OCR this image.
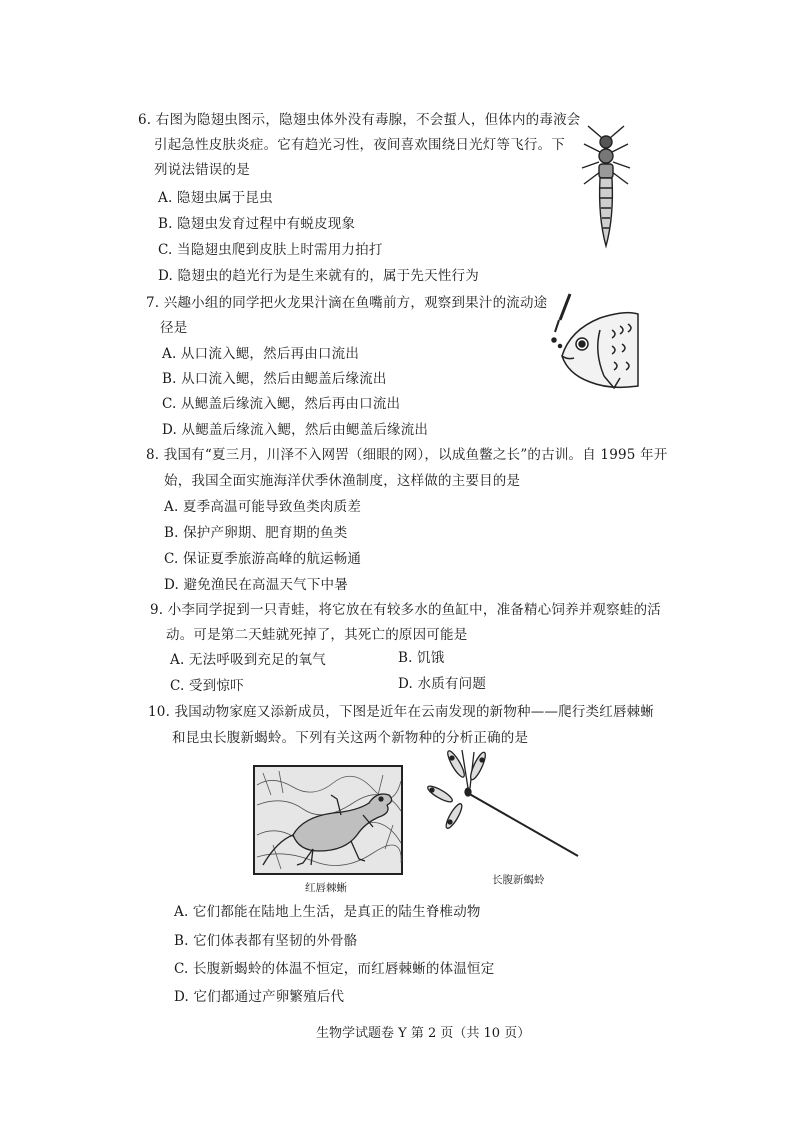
6. 右图为隐翅虫图示，隐翅虫体外没有毒腺，不会蜇人，但体内的毒液会
引起急性皮肤炎症。它有趋光习性，夜间喜欢围绕日光灯等飞行。下
列说法错误的是
A. 隐翅虫属于昆虫
B. 隐翅虫发育过程中有蜕皮现象
C. 当隐翅虫爬到皮肤上时需用力拍打
D. 隐翅虫的趋光行为是生来就有的，属于先天性行为
7. 兴趣小组的同学把火龙果汁滴在鱼嘴前方，观察到果汁的流动途
径是
A. 从口流入鳃，然后再由口流出
B. 从口流入鳃，然后由鳃盖后缘流出
C. 从鳃盖后缘流入鳃，然后再由口流出
D. 从鳃盖后缘流入鳃，然后由鳃盖后缘流出
8. 我国有“夏三月，川泽不入网罟（细眼的网），以成鱼鳖之长”的古训。自 1995 年开
始，我国全面实施海洋伏季休渔制度，这样做的主要目的是
A. 夏季高温可能导致鱼类肉质差
B. 保护产卵期、肥育期的鱼类
C. 保证夏季旅游高峰的航运畅通
D. 避免渔民在高温天气下中暑
9. 小李同学捉到一只青蛙，将它放在有较多水的鱼缸中，准备精心饲养并观察蛙的活
动。可是第二天蛙就死掉了，其死亡的原因可能是
A. 无法呼吸到充足的氧气	B. 饥饿
C. 受到惊吓	D. 水质有问题
10. 我国动物家庭又添新成员，下图是近年在云南发现的新物种——爬行类红唇棘蜥
和昆虫长腹新蝎蛉。下列有关这两个新物种的分析正确的是
红唇棘蜥
长腹新蝎蛉
A. 它们都能在陆地上生活，是真正的陆生脊椎动物
B. 它们体表都有坚韧的外骨骼
C. 长腹新蝎蛉的体温不恒定，而红唇棘蜥的体温恒定
D. 它们都通过产卵繁殖后代
生物学试题卷 Y 第 2 页（共 10 页）
